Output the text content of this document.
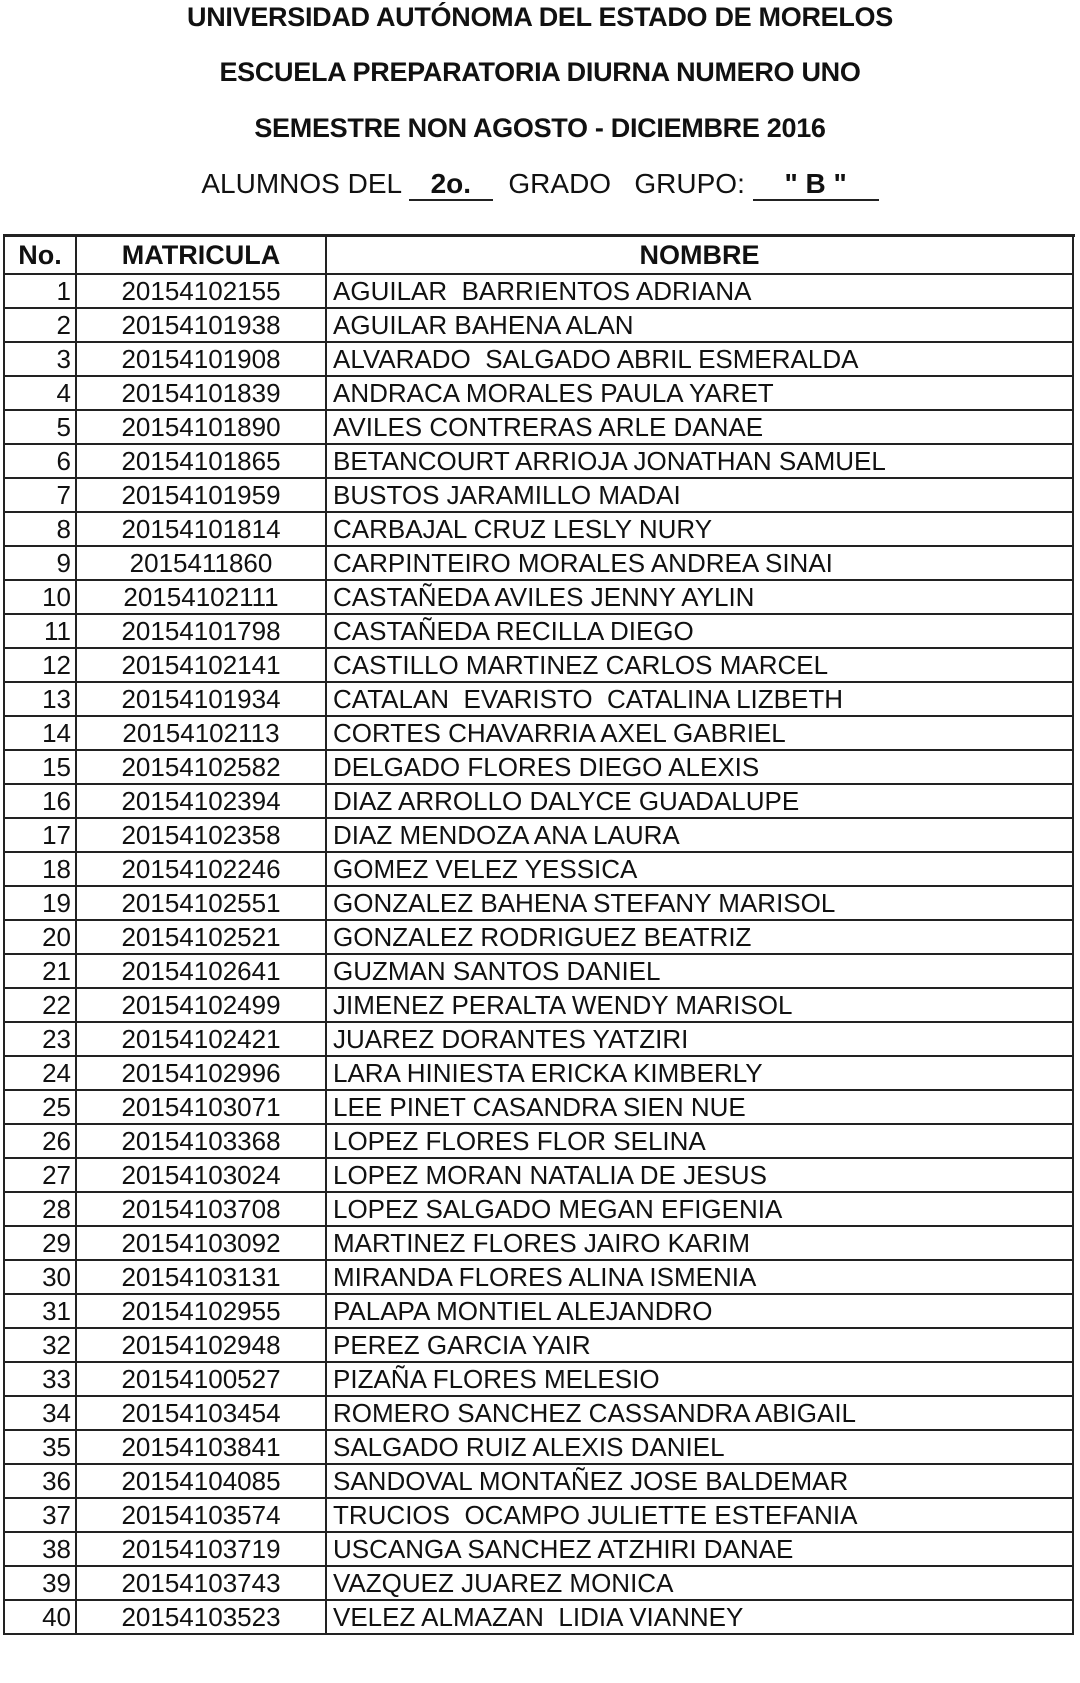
UNIVERSIDAD AUTÓNOMA DEL ESTADO DE MORELOS
ESCUELA PREPARATORIA DIURNA NUMERO UNO
SEMESTRE NON AGOSTO - DICIEMBRE 2016
ALUMNOS DEL 2o.  GRADO   GRUPO: " B "
No.	MATRICULA	NOMBRE
1	20154102155	AGUILAR  BARRIENTOS ADRIANA
2	20154101938	AGUILAR BAHENA ALAN
3	20154101908	ALVARADO  SALGADO ABRIL ESMERALDA
4	20154101839	ANDRACA MORALES PAULA YARET
5	20154101890	AVILES CONTRERAS ARLE DANAE
6	20154101865	BETANCOURT ARRIOJA JONATHAN SAMUEL
7	20154101959	BUSTOS JARAMILLO MADAI
8	20154101814	CARBAJAL CRUZ LESLY NURY
9	2015411860	CARPINTEIRO MORALES ANDREA SINAI
10	20154102111	CASTAÑEDA AVILES JENNY AYLIN
11	20154101798	CASTAÑEDA RECILLA DIEGO
12	20154102141	CASTILLO MARTINEZ CARLOS MARCEL
13	20154101934	CATALAN  EVARISTO  CATALINA LIZBETH
14	20154102113	CORTES CHAVARRIA AXEL GABRIEL
15	20154102582	DELGADO FLORES DIEGO ALEXIS
16	20154102394	DIAZ ARROLLO DALYCE GUADALUPE
17	20154102358	DIAZ MENDOZA ANA LAURA
18	20154102246	GOMEZ VELEZ YESSICA
19	20154102551	GONZALEZ BAHENA STEFANY MARISOL
20	20154102521	GONZALEZ RODRIGUEZ BEATRIZ
21	20154102641	GUZMAN SANTOS DANIEL
22	20154102499	JIMENEZ PERALTA WENDY MARISOL
23	20154102421	JUAREZ DORANTES YATZIRI
24	20154102996	LARA HINIESTA ERICKA KIMBERLY
25	20154103071	LEE PINET CASANDRA SIEN NUE
26	20154103368	LOPEZ FLORES FLOR SELINA
27	20154103024	LOPEZ MORAN NATALIA DE JESUS
28	20154103708	LOPEZ SALGADO MEGAN EFIGENIA
29	20154103092	MARTINEZ FLORES JAIRO KARIM
30	20154103131	MIRANDA FLORES ALINA ISMENIA
31	20154102955	PALAPA MONTIEL ALEJANDRO
32	20154102948	PEREZ GARCIA YAIR
33	20154100527	PIZAÑA FLORES MELESIO
34	20154103454	ROMERO SANCHEZ CASSANDRA ABIGAIL
35	20154103841	SALGADO RUIZ ALEXIS DANIEL
36	20154104085	SANDOVAL MONTAÑEZ JOSE BALDEMAR
37	20154103574	TRUCIOS  OCAMPO JULIETTE ESTEFANIA
38	20154103719	USCANGA SANCHEZ ATZHIRI DANAE
39	20154103743	VAZQUEZ JUAREZ MONICA
40	20154103523	VELEZ ALMAZAN  LIDIA VIANNEY
